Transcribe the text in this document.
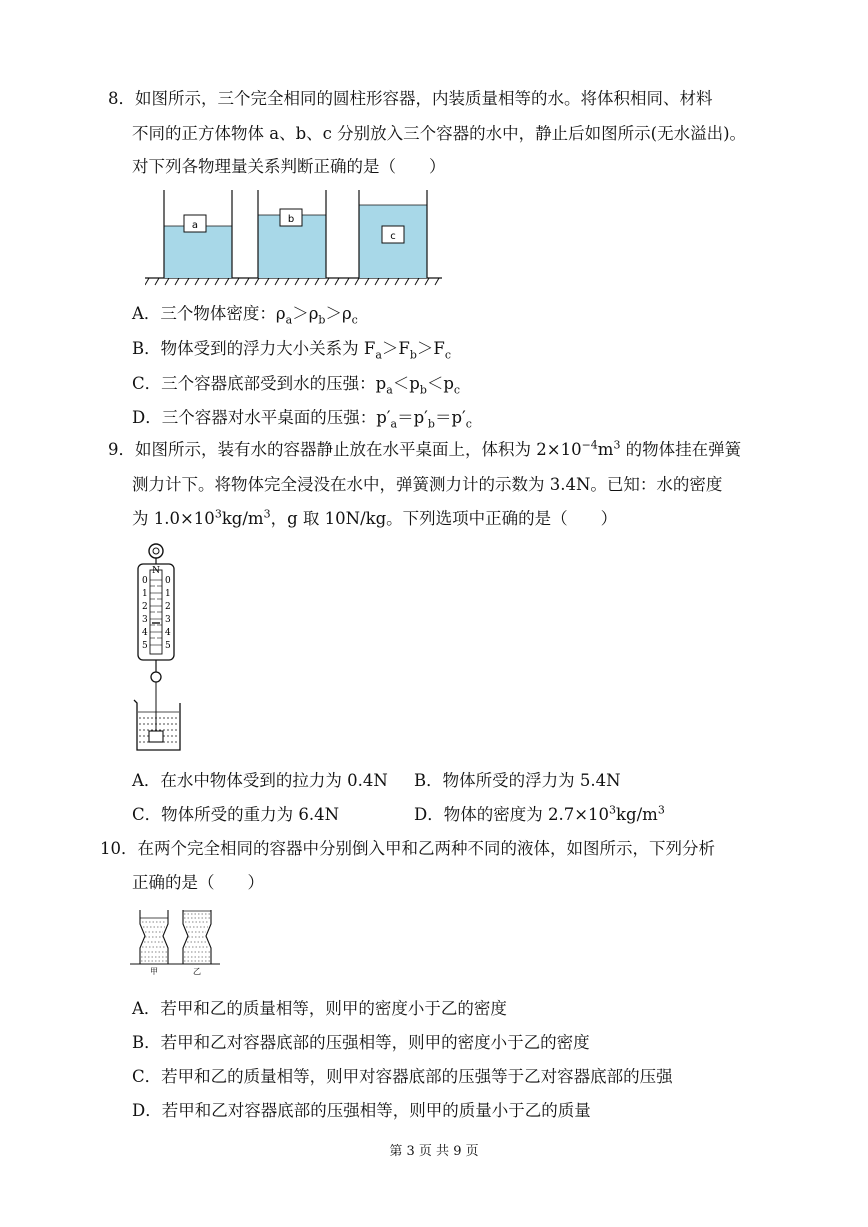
8．如图所示，三个完全相同的圆柱形容器，内装质量相等的水。将体积相同、材料
不同的正方体物体 a、b、c 分别放入三个容器的水中，静止后如图所示(无水溢出)。
对下列各物理量关系判断正确的是（　　）
a
b
c
A．三个物体密度：$\rho_a>\rho_b>\rho_c$
B．物体受到的浮力大小关系为 $F_a>F_b>F_c$
C．三个容器底部受到水的压强：$p_a<p_b<p_c$
D．三个容器对水平桌面的压强：$p'_a=p'_b=p'_c$
9．如图所示，装有水的容器静止放在水平桌面上，体积为 $2\times 10^{-4}m^3$ 的物体挂在弹簧
测力计下。将物体完全浸没在水中，弹簧测力计的示数为 3.4N。已知：水的密度
为 $1.0\times 10^3kg/m^3$，g 取 10N/kg。下列选项中正确的是（　　）
N
0
1
2
3
4
5
0
1
2
3
4
5
A．在水中物体受到的拉力为 0.4N B．物体所受的浮力为 5.4N
C．物体所受的重力为 6.4N	D．物体的密度为 $2.7\times 10^3kg/m^3$
10．在两个完全相同的容器中分别倒入甲和乙两种不同的液体，如图所示，下列分析
正确的是（　　）
甲	乙
A．若甲和乙的质量相等，则甲的密度小于乙的密度
B．若甲和乙对容器底部的压强相等，则甲的密度小于乙的密度
C．若甲和乙的质量相等，则甲对容器底部的压强等于乙对容器底部的压强
D．若甲和乙对容器底部的压强相等，则甲的质量小于乙的质量
第 3 页 共 9 页
